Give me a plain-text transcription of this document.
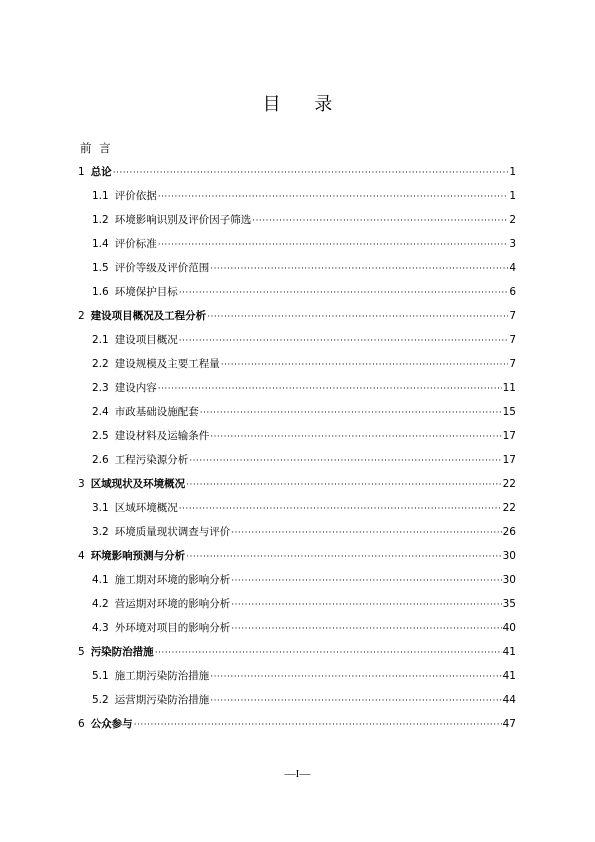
目 录
前 言
1 总论 ·····	1
1.1 评价依据 ·····	1
1.2 环境影响识别及评价因子筛选 ·····	2
1.4 评价标准 ·····	3
1.5 评价等级及评价范围 ·····	4
1.6 环境保护目标 ·····	6
2 建设项目概况及工程分析 ·····	7
2.1 建设项目概况 ·····	7
2.2 建设规模及主要工程量 ·····	7
2.3 建设内容 ·····	11
2.4 市政基础设施配套 ·····	15
2.5 建设材料及运输条件 ·····	17
2.6 工程污染源分析 ·····	17
3 区域现状及环境概况 ·····	22
3.1 区域环境概况 ·····	22
3.2 环境质量现状调查与评价 ·····	26
4 环境影响预测与分析 ·····	30
4.1 施工期对环境的影响分析 ·····	30
4.2 营运期对环境的影响分析 ·····	35
4.3 外环境对项目的影响分析 ·····	40
5 污染防治措施 ·····	41
5.1 施工期污染防治措施 ·····	41
5.2 运营期污染防治措施 ·····	44
6 公众参与 ·····	47
—I—
